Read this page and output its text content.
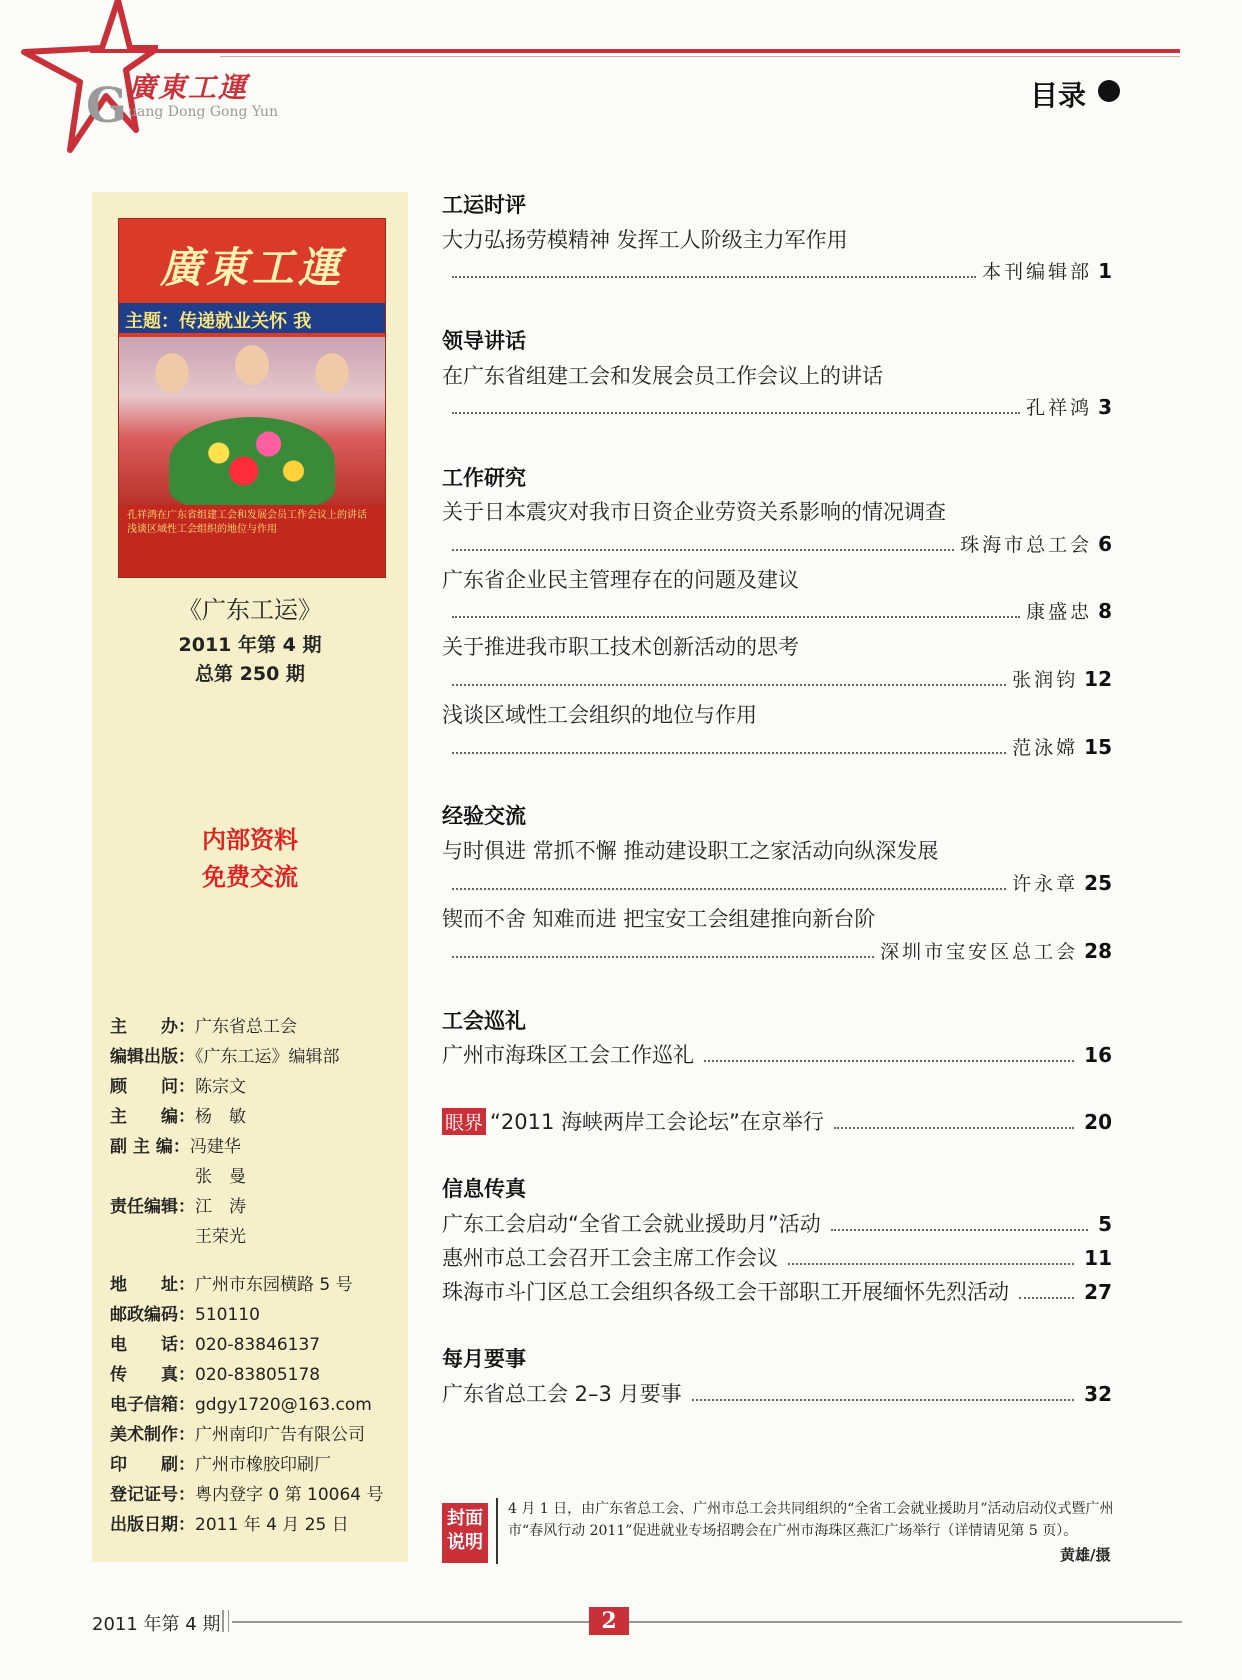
G 廣東工運
uang Dong Gong Yun	目录
廣東工運
主题：传递就业关怀 我
孔祥鸿在广东省组建工会和发展会员工作会议上的讲话 浅谈区域性工会组织的地位与作用
《广东工运》
2011 年第 4 期
总第 250 期
内部资料
免费交流
主　　办：广东省总工会
编辑出版：《广东工运》编辑部
顾　　问：陈宗文
主　　编：杨　敏
副 主 编：冯建华
张　曼
责任编辑：江　涛
王荣光
地　　址：广州市东园横路 5 号
邮政编码：510110
电　　话：020-83846137
传　　真：020-83805178
电子信箱：gdgy1720@163.com
美术制作：广州南印广告有限公司
印　　刷：广州市橡胶印刷厂
登记证号：粤内登字 0 第 10064 号
出版日期：2011 年 4 月 25 日
工运时评
大力弘扬劳模精神 发挥工人阶级主力军作用
本刊编辑部 1
领导讲话
在广东省组建工会和发展会员工作会议上的讲话
孔祥鸿 3
工作研究
关于日本震灾对我市日资企业劳资关系影响的情况调查
珠海市总工会 6
广东省企业民主管理存在的问题及建议
康盛忠 8
关于推进我市职工技术创新活动的思考
张润钧 12
浅谈区域性工会组织的地位与作用
范泳嫦 15
经验交流
与时俱进 常抓不懈 推动建设职工之家活动向纵深发展
许永章 25
锲而不舍 知难而进 把宝安工会组建推向新台阶
深圳市宝安区总工会 28
工会巡礼
广州市海珠区工会工作巡礼	16
眼界 “2011 海峡两岸工会论坛”在京举行	20
信息传真
广东工会启动“全省工会就业援助月”活动	5
惠州市总工会召开工会主席工作会议	11
珠海市斗门区总工会组织各级工会干部职工开展缅怀先烈活动	27
每月要事
广东省总工会 2–3 月要事	32
封面
说明
4 月 1 日，由广东省总工会、广州市总工会共同组织的“全省工会就业援助月”活动启动仪式暨广州市“春风行动 2011”促进就业专场招聘会在广州市海珠区燕汇广场举行（详情请见第 5 页）。
黄雄/摄
2011 年第 4 期	2
